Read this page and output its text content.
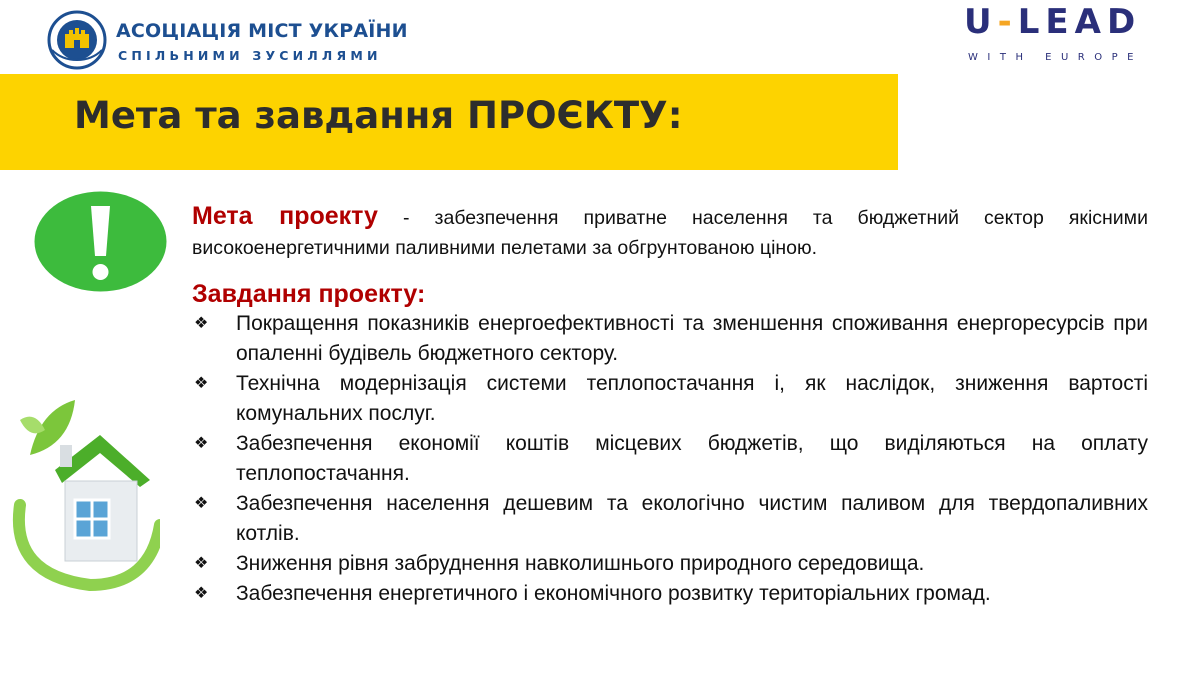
АСОЦІАЦІЯ МІСТ УКРАЇНИ
СПІЛЬНИМИ ЗУСИЛЛЯМИ
U-LEAD
WITH EUROPE
Мета та завдання ПРОЄКТУ:
Мета проекту - забезпечення приватне населення та бюджетний сектор якісними високоенергетичними паливними пелетами за обгрунтованою ціною.
Завдання проекту:
❖ Покращення показників енергоефективності та зменшення споживання енергоресурсів при опаленні будівель бюджетного сектору.
❖ Технічна модернізація системи теплопостачання і, як наслідок, зниження вартості комунальних послуг.
❖ Забезпечення економії коштів місцевих бюджетів, що виділяються на оплату теплопостачання.
❖ Забезпечення населення дешевим та екологічно чистим паливом для твердопаливних котлів.
❖ Зниження рівня забруднення навколишнього природного середовища.
❖ Забезпечення енергетичного і економічного розвитку територіальних громад.
